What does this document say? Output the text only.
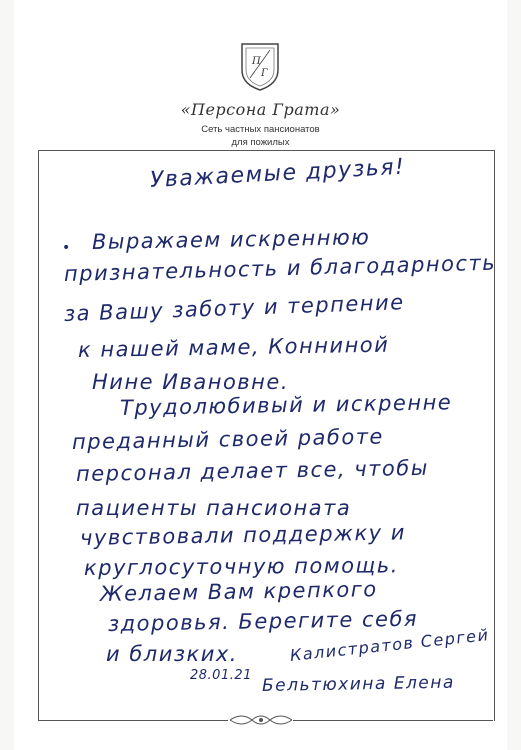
П
Г
«Персона Грата»
Сеть частных пансионатов
для пожилых
Уважаемые друзья!
• Выражаем искреннюю
признательность и благодарность
за Вашу заботу и терпение
к нашей маме, Конниной
Нине Ивановне.
Трудолюбивый и искренне
преданный своей работе
персонал делает все, чтобы
пациенты пансионата
чувствовали поддержку и
круглосуточную помощь.
Желаем Вам крепкого
здоровья. Берегите себя
и близких.	Калистратов Сергей
28.01.21 Бельтюхина Елена
